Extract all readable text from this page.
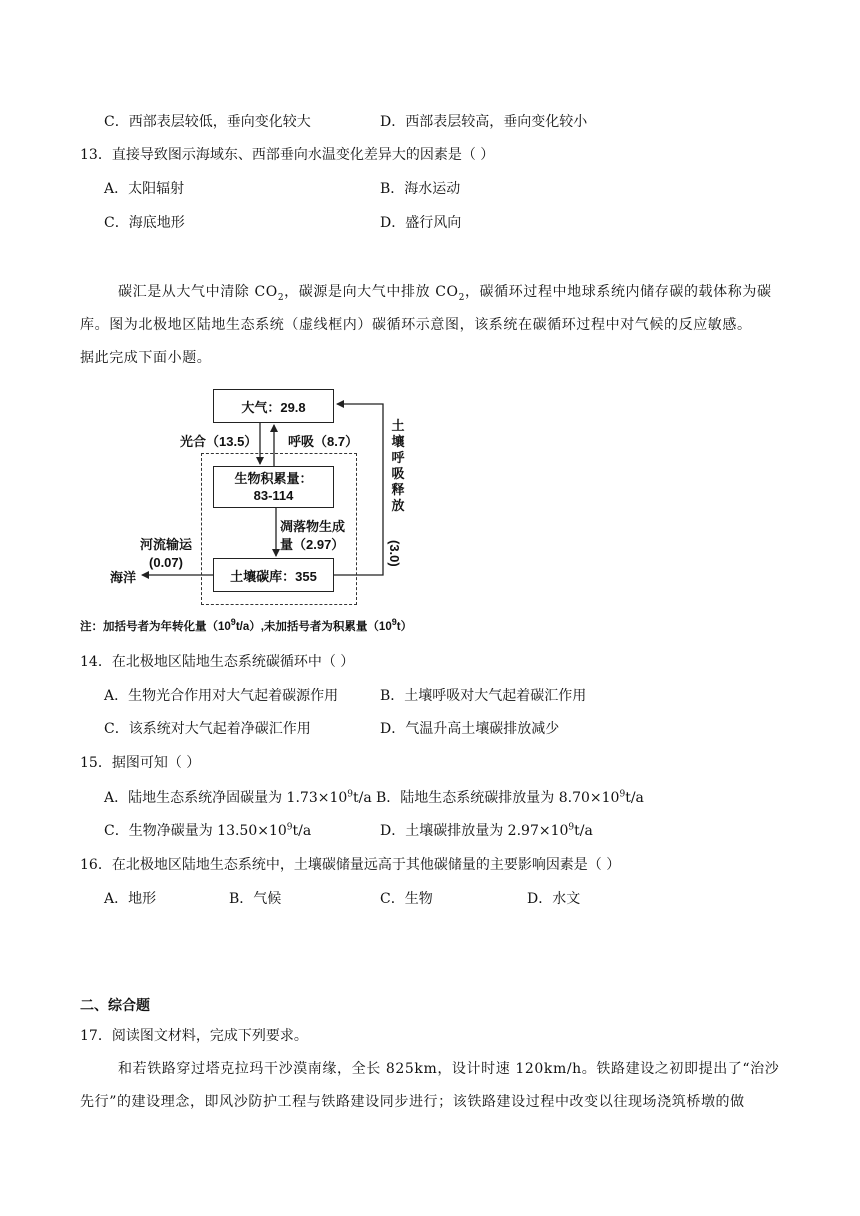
C．西部表层较低，垂向变化较大	D．西部表层较高，垂向变化较小
13．直接导致图示海域东、西部垂向水温变化差异大的因素是（ ）
A．太阳辐射	B．海水运动
C．海底地形	D．盛行风向
碳汇是从大气中清除 $CO_2$，碳源是向大气中排放 $CO_2$，碳循环过程中地球系统内储存碳的载体称为碳
库。图为北极地区陆地生态系统（虚线框内）碳循环示意图，该系统在碳循环过程中对气候的反应敏感。
据此完成下面小题。
大气：29.8
生物积累量：
83-114
土壤碳库：355
光合（13.5） 呼吸（8.7）
凋落物生成
量（2.97）
河流输运
(0.07)
海洋
土
壤
呼
吸
释
放
(3.0)
注：加括号者为年转化量$(10^9t/a)$,未加括号者为积累量$(10^9t)$
14．在北极地区陆地生态系统碳循环中（ ）
A．生物光合作用对大气起着碳源作用	B．土壤呼吸对大气起着碳汇作用
C．该系统对大气起着净碳汇作用	D．气温升高土壤碳排放减少
15．据图可知（ ）
A．陆地生态系统净固碳量为 $1.73\times 10^9t/a$ B．陆地生态系统碳排放量为 $8.70\times 10^9t/a$
C．生物净碳量为 $13.50\times 10^9t/a$	D．土壤碳排放量为 $2.97\times 10^9t/a$
16．在北极地区陆地生态系统中，土壤碳储量远高于其他碳储量的主要影响因素是（ ）
A．地形	B．气候	C．生物	D．水文
二、综合题
17．阅读图文材料，完成下列要求。
和若铁路穿过塔克拉玛干沙漠南缘，全长 825km，设计时速 120km/h。铁路建设之初即提出了“治沙
先行”的建设理念，即风沙防护工程与铁路建设同步进行；该铁路建设过程中改变以往现场浇筑桥墩的做
